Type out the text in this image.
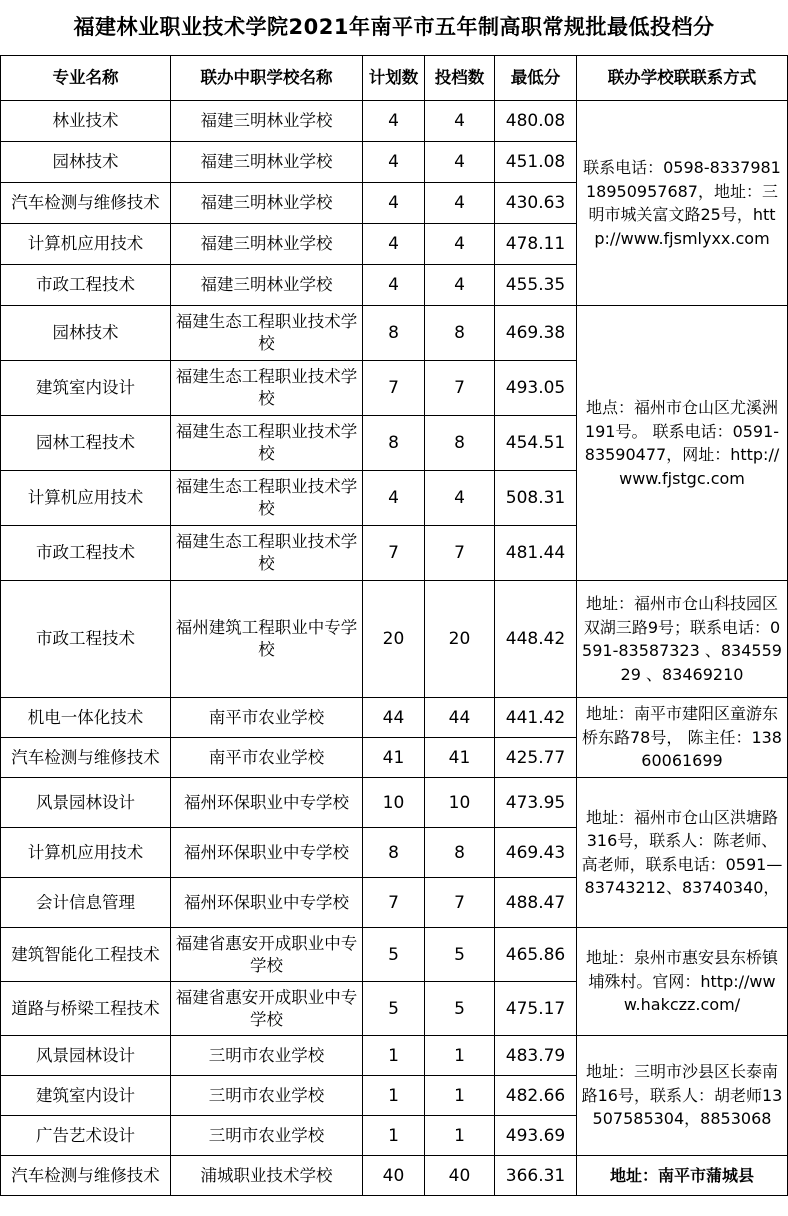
福建林业职业技术学院2021年南平市五年制高职常规批最低投档分
专业名称	联办中职学校名称	计划数	投档数	最低分	联办学校联联系方式
林业技术	福建三明林业学校	4	4	480.08	联系电话：0598-8337981 18950957687，地址：三明市城关富文路25号，http://www.fjsmlyxx.com
园林技术	福建三明林业学校	4	4	451.08	
汽车检测与维修技术	福建三明林业学校	4	4	430.63	
计算机应用技术	福建三明林业学校	4	4	478.11	
市政工程技术	福建三明林业学校	4	4	455.35	
园林技术	福建生态工程职业技术学校	8	8	469.38	地点：福州市仓山区尤溪洲191号。 联系电话：0591-83590477，网址：http://www.fjstgc.com
建筑室内设计	福建生态工程职业技术学校	7	7	493.05	
园林工程技术	福建生态工程职业技术学校	8	8	454.51	
计算机应用技术	福建生态工程职业技术学校	4	4	508.31	
市政工程技术	福建生态工程职业技术学校	7	7	481.44	
市政工程技术	福州建筑工程职业中专学校	20	20	448.42	地址：福州市仓山科技园区双湖三路9号；联系电话：0591-83587323 、83455929 、83469210
机电一体化技术	南平市农业学校	44	44	441.42	地址：南平市建阳区童游东桥东路78号， 陈主任：13860061699
汽车检测与维修技术	南平市农业学校	41	41	425.77	
风景园林设计	福州环保职业中专学校	10	10	473.95	地址：福州市仓山区洪塘路316号，联系人：陈老师、高老师，联系电话：0591—83743212、83740340，
计算机应用技术	福州环保职业中专学校	8	8	469.43	
会计信息管理	福州环保职业中专学校	7	7	488.47	
建筑智能化工程技术	福建省惠安开成职业中专学校	5	5	465.86	地址：泉州市惠安县东桥镇埔殊村。官网：http://www.hakczz.com/
道路与桥梁工程技术	福建省惠安开成职业中专学校	5	5	475.17	
风景园林设计	三明市农业学校	1	1	483.79	地址：三明市沙县区长泰南路16号，联系人：胡老师13507585304，8853068
建筑室内设计	三明市农业学校	1	1	482.66	
广告艺术设计	三明市农业学校	1	1	493.69	
汽车检测与维修技术	浦城职业技术学校	40	40	366.31	地址：南平市蒲城县
